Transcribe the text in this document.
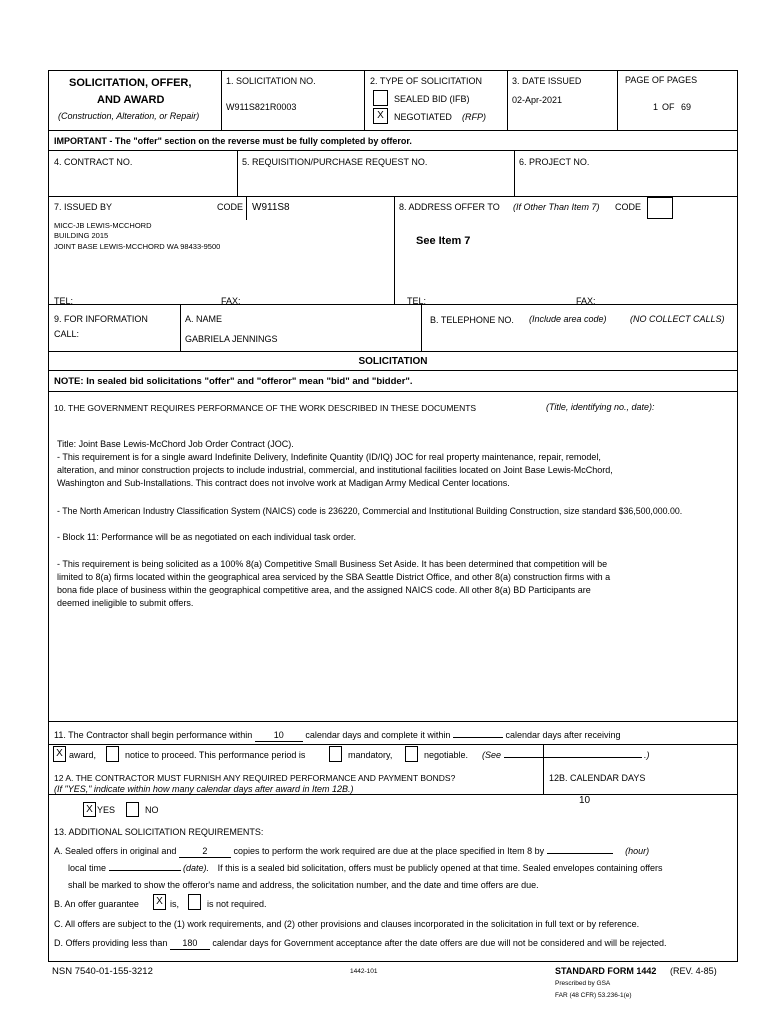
SOLICITATION, OFFER,
AND AWARD
(Construction, Alteration, or Repair)
1. SOLICITATION NO.
W911S821R0003
2. TYPE OF SOLICITATION
SEALED BID (IFB)
X	NEGOTIATED (RFP)
3. DATE ISSUED
02-Apr-2021
PAGE OF PAGES
1 OF 69
IMPORTANT - The "offer" section on the reverse must be fully completed by offeror.
4. CONTRACT NO.	5. REQUISITION/PURCHASE REQUEST NO.	6. PROJECT NO.
7. ISSUED BY	CODE W911S8
MICC-JB LEWIS-MCCHORD
BUILDING 2015
JOINT BASE LEWIS-MCCHORD WA 98433-9500
TEL:	FAX:
8. ADDRESS OFFER TO (If Other Than Item 7) CODE
See Item 7
TEL:	FAX:
9. FOR INFORMATION
CALL:
A. NAME
GABRIELA JENNINGS
B. TELEPHONE NO. (Include area code)	(NO COLLECT CALLS)
SOLICITATION
NOTE: In sealed bid solicitations "offer" and "offeror" mean "bid" and "bidder".
10. THE GOVERNMENT REQUIRES PERFORMANCE OF THE WORK DESCRIBED IN THESE DOCUMENTS	(Title, identifying no., date):
Title: Joint Base Lewis-McChord Job Order Contract (JOC).
- This requirement is for a single award Indefinite Delivery, Indefinite Quantity (ID/IQ) JOC for real property maintenance, repair, remodel,
alteration, and minor construction projects to include industrial, commercial, and institutional facilities located on Joint Base Lewis-McChord,
Washington and Sub-Installations. This contract does not involve work at Madigan Army Medical Center locations.
- The North American Industry Classification System (NAICS) code is 236220, Commercial and Institutional Building Construction, size standard $36,500,000.00.
- Block 11: Performance will be as negotiated on each individual task order.
- This requirement is being solicited as a 100% 8(a) Competitive Small Business Set Aside. It has been determined that competition will be
limited to 8(a) firms located within the geographical area serviced by the SBA Seattle District Office, and other 8(a) construction firms with a
bona fide place of business within the geographical competitive area, and the assigned NAICS code. All other 8(a) BD Participants are
deemed ineligible to submit offers.
11. The Contractor shall begin performance within 10 calendar days and complete it within	calendar days after receiving
X award,	notice to proceed. This performance period is	mandatory,	negotiable. (See	.)
12 A. THE CONTRACTOR MUST FURNISH ANY REQUIRED PERFORMANCE AND PAYMENT BONDS?
(If "YES," indicate within how many calendar days after award in Item 12B.)
X YES	NO
12B. CALENDAR DAYS
10
13. ADDITIONAL SOLICITATION REQUIREMENTS:
A. Sealed offers in original and	2	copies to perform the work required are due at the place specified in Item 8 by	(hour)
local time	(date). If this is a sealed bid solicitation, offers must be publicly opened at that time. Sealed envelopes containing offers
shall be marked to show the offeror's name and address, the solicitation number, and the date and time offers are due.
B. An offer guarantee	X is,	is not required.
C. All offers are subject to the (1) work requirements, and (2) other provisions and clauses incorporated in the solicitation in full text or by reference.
D. Offers providing less than 180 calendar days for Government acceptance after the date offers are due will not be considered and will be rejected.
NSN 7540-01-155-3212	1442-101	STANDARD FORM 1442 (REV. 4-85)
Prescribed by GSA
FAR (48 CFR) 53.236-1(e)
